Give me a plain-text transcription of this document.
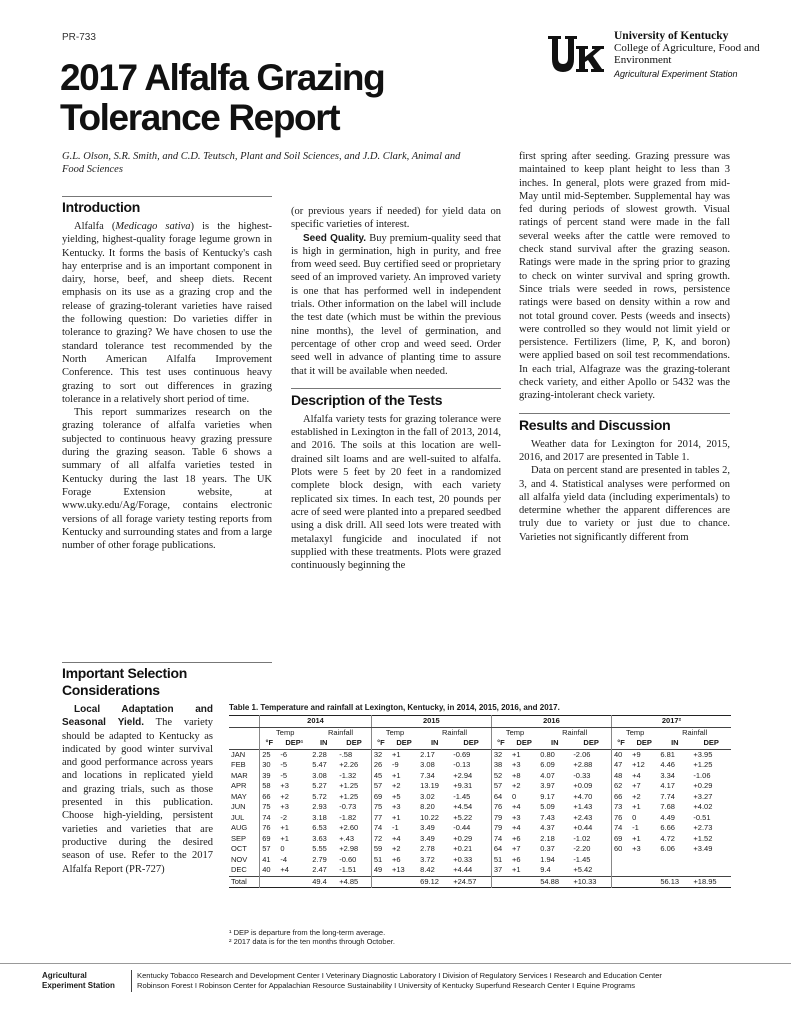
PR-733
2017 Alfalfa Grazing Tolerance Report
University of Kentucky
College of Agriculture, Food and Environment
Agricultural Experiment Station
G.L. Olson, S.R. Smith, and C.D. Teutsch, Plant and Soil Sciences, and J.D. Clark, Animal and Food Sciences
Introduction

Alfalfa (Medicago sativa) is the highest-yielding, highest-quality forage legume grown in Kentucky. It forms the basis of Kentucky's cash hay enterprise and is an important component in dairy, horse, beef, and sheep diets. Recent emphasis on its use as a grazing crop and the release of grazing-tolerant varieties have raised the following question: Do varieties differ in tolerance to grazing? We have chosen to use the standard tolerance test recommended by the North American Alfalfa Improvement Conference. This test uses continuous heavy grazing to sort out differences in grazing tolerance in a relatively short period of time.

This report summarizes research on the grazing tolerance of alfalfa varieties when subjected to continuous heavy grazing pressure during the grazing season. Table 6 shows a summary of all alfalfa varieties tested in Kentucky during the last 18 years. The UK Forage Extension website, at www.uky.edu/Ag/Forage, contains electronic versions of all forage variety testing reports from Kentucky and surrounding states and from a large number of other forage publications.

Important Selection Considerations

Local Adaptation and Seasonal Yield. The variety should be adapted to Kentucky as indicated by good winter survival and good performance across years and locations in replicated yield and grazing trials, such as those presented in this publication. Choose high-yielding, persistent varieties and varieties that are productive during the desired season of use. Refer to the 2017 Alfalfa Report (PR-727)

(or previous years if needed) for yield data on specific varieties of interest.

Seed Quality. Buy premium-quality seed that is high in germination, high in purity, and free from weed seed. Buy certified seed or proprietary seed of an improved variety. An improved variety is one that has performed well in independent trials. Other information on the label will include the test date (which must be within the previous nine months), the level of germination, and percentage of other crop and weed seed. Order seed well in advance of planting time to assure that it will be available when needed.

Description of the Tests

Alfalfa variety tests for grazing tolerance were established in Lexington in the fall of 2013, 2014, and 2016. The soils at this location are well-drained silt loams and are well-suited to alfalfa. Plots were 5 feet by 20 feet in a randomized complete block design, with each variety replicated six times. In each test, 20 pounds per acre of seed were planted into a prepared seedbed using a disk drill. All seed lots were treated with metalaxyl fungicide and inoculated if not supplied with these treatments. Plots were grazed continuously beginning the

first spring after seeding. Grazing pressure was maintained to keep plant height to less than 3 inches. In general, plots were grazed from mid-May until mid-September. Supplemental hay was fed during periods of slowest growth. Visual ratings of percent stand were made in the fall several weeks after the cattle were removed to check stand survival after the grazing season. Ratings were made in the spring prior to grazing to check on winter survival and spring growth. Since trials were seeded in rows, persistence ratings were based on density within a row and not total ground cover. Pests (weeds and insects) were controlled so they would not limit yield or persistence. Fertilizers (lime, P, K, and boron) were applied based on soil test recommendations. In each trial, Alfagraze was the grazing-tolerant check variety, and either Apollo or 5432 was the grazing-intolerant check variety.

Results and Discussion

Weather data for Lexington for 2014, 2015, 2016, and 2017 are presented in Table 1.

Data on percent stand are presented in tables 2, 3, and 4. Statistical analyses were performed on all alfalfa yield data (including experimentals) to determine whether the apparent differences are truly due to variety or just due to chance. Varieties not significantly different from

Table 1. Temperature and rainfall at Lexington, Kentucky, in 2014, 2015, 2016, and 2017.
	2014				2015				2016				2017²			
	Temp		Rainfall		Temp		Rainfall		Temp		Rainfall		Temp		Rainfall	
	°F	DEP¹	IN	DEP	°F	DEP	IN	DEP	°F	DEP	IN	DEP	°F	DEP	IN	DEP
JAN	25	-6	2.28	-.58	32	+1	2.17	-0.69	32	+1	0.80	-2.06	40	+9	6.81	+3.95
FEB	30	-5	5.47	+2.26	26	-9	3.08	-0.13	38	+3	6.09	+2.88	47	+12	4.46	+1.25
MAR	39	-5	3.08	-1.32	45	+1	7.34	+2.94	52	+8	4.07	-0.33	48	+4	3.34	-1.06
APR	58	+3	5.27	+1.25	57	+2	13.19	+9.31	57	+2	3.97	+0.09	62	+7	4.17	+0.29
MAY	66	+2	5.72	+1.25	69	+5	3.02	-1.45	64	0	9.17	+4.70	66	+2	7.74	+3.27
JUN	75	+3	2.93	-0.73	75	+3	8.20	+4.54	76	+4	5.09	+1.43	73	+1	7.68	+4.02
JUL	74	-2	3.18	-1.82	77	+1	10.22	+5.22	79	+3	7.43	+2.43	76	0	4.49	-0.51
AUG	76	+1	6.53	+2.60	74	-1	3.49	-0.44	79	+4	4.37	+0.44	74	-1	6.66	+2.73
SEP	69	+1	3.63	+.43	72	+4	3.49	+0.29	74	+6	2.18	-1.02	69	+1	4.72	+1.52
OCT	57	0	5.55	+2.98	59	+2	2.78	+0.21	64	+7	0.37	-2.20	60	+3	6.06	+3.49
NOV	41	-4	2.79	-0.60	51	+6	3.72	+0.33	51	+6	1.94	-1.45				
DEC	40	+4	2.47	-1.51	49	+13	8.42	+4.44	37	+1	9.4	+5.42				
Total			49.4	+4.85			69.12	+24.57			54.88	+10.33			56.13	+18.95
¹ DEP is departure from the long-term average.
² 2017 data is for the ten months through October.
Agricultural Experiment Station
Kentucky Tobacco Research and Development Center I Veterinary Diagnostic Laboratory I Division of Regulatory Services I Research and Education Center
Robinson Forest I Robinson Center for Appalachian Resource Sustainability I University of Kentucky Superfund Research Center I Equine Programs
